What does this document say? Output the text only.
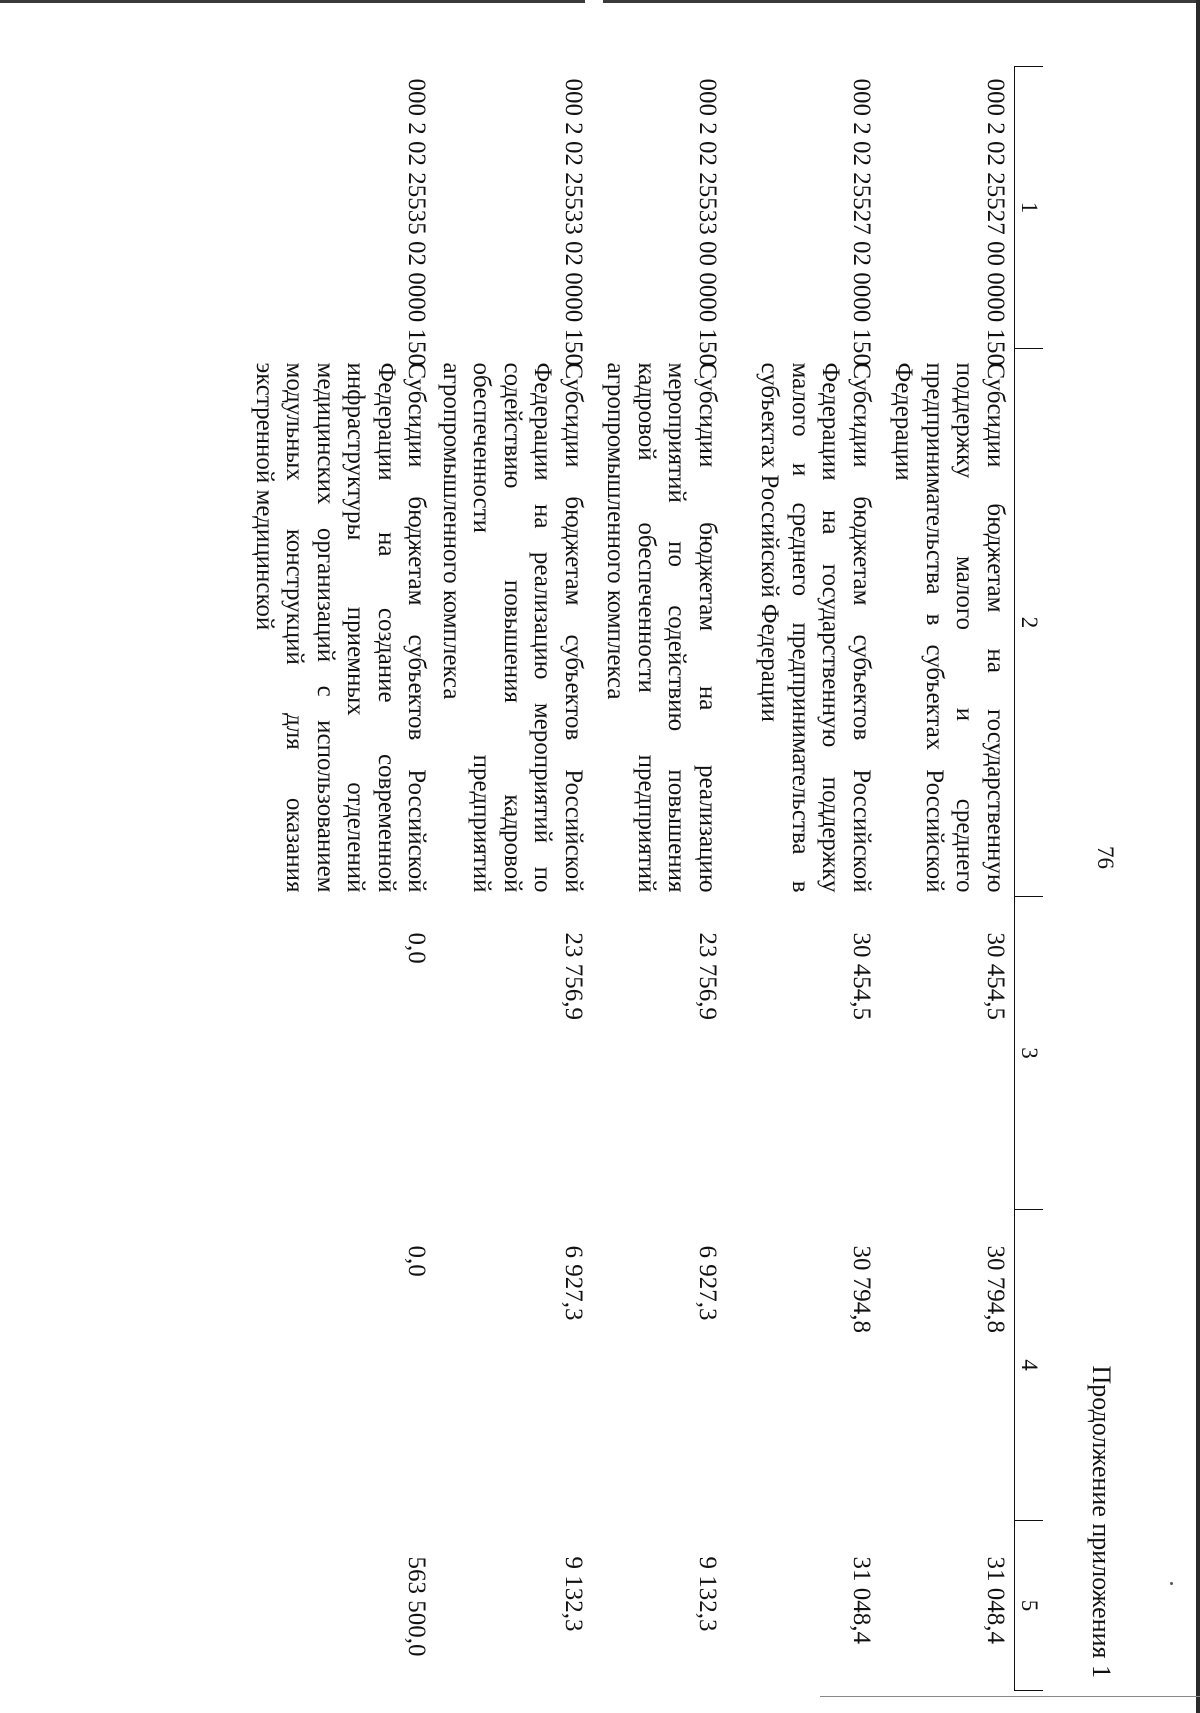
76
Продолжение приложения 1
1	2	3	4	5
000 2 02 25527 00 0000 150	Субсидии бюджетам на государственную поддержку малого и среднего предпринимательства в субъектах Российской Федерации	30 454,5	30 794,8	31 048,4
000 2 02 25527 02 0000 150	Субсидии бюджетам субъектов Российской Федерации на государственную поддержку малого и среднего предпринимательства в субъектах Российской Федерации	30 454,5	30 794,8	31 048,4
000 2 02 25533 00 0000 150	Субсидии бюджетам на реализацию мероприятий по содействию повышения кадровой обеспеченности предприятий агропромышленного комплекса	23 756,9	6 927,3	9 132,3
000 2 02 25533 02 0000 150	Субсидии бюджетам субъектов Российской Федерации на реализацию мероприятий по содействию повышения кадровой обеспеченности предприятий агропромышленного комплекса	23 756,9	6 927,3	9 132,3
000 2 02 25535 02 0000 150	Субсидии бюджетам субъектов Российской Федерации на создание современной инфраструктуры приемных отделений медицинских организаций с использованием модульных конструкций для оказания экстренной медицинской	0,0	0,0	563 500,0
